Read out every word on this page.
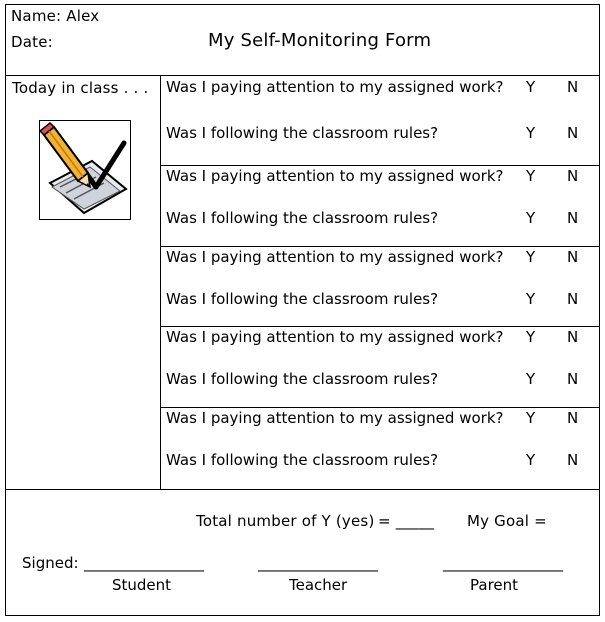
Name: Alex
Date:	My Self-Monitoring Form
Today in class . . . Was I paying attention to my assigned work? Y N
Was I following the classroom rules?	Y N
Was I paying attention to my assigned work? Y N
Was I following the classroom rules?	Y N
Was I paying attention to my assigned work? Y N
Was I following the classroom rules?	Y N
Was I paying attention to my assigned work? Y N
Was I following the classroom rules?	Y N
Was I paying attention to my assigned work? Y N
Was I following the classroom rules?	Y N
Total number of Y (yes) = _____ My Goal =
Signed: ________________	________________	________________
Student	Teacher	Parent
